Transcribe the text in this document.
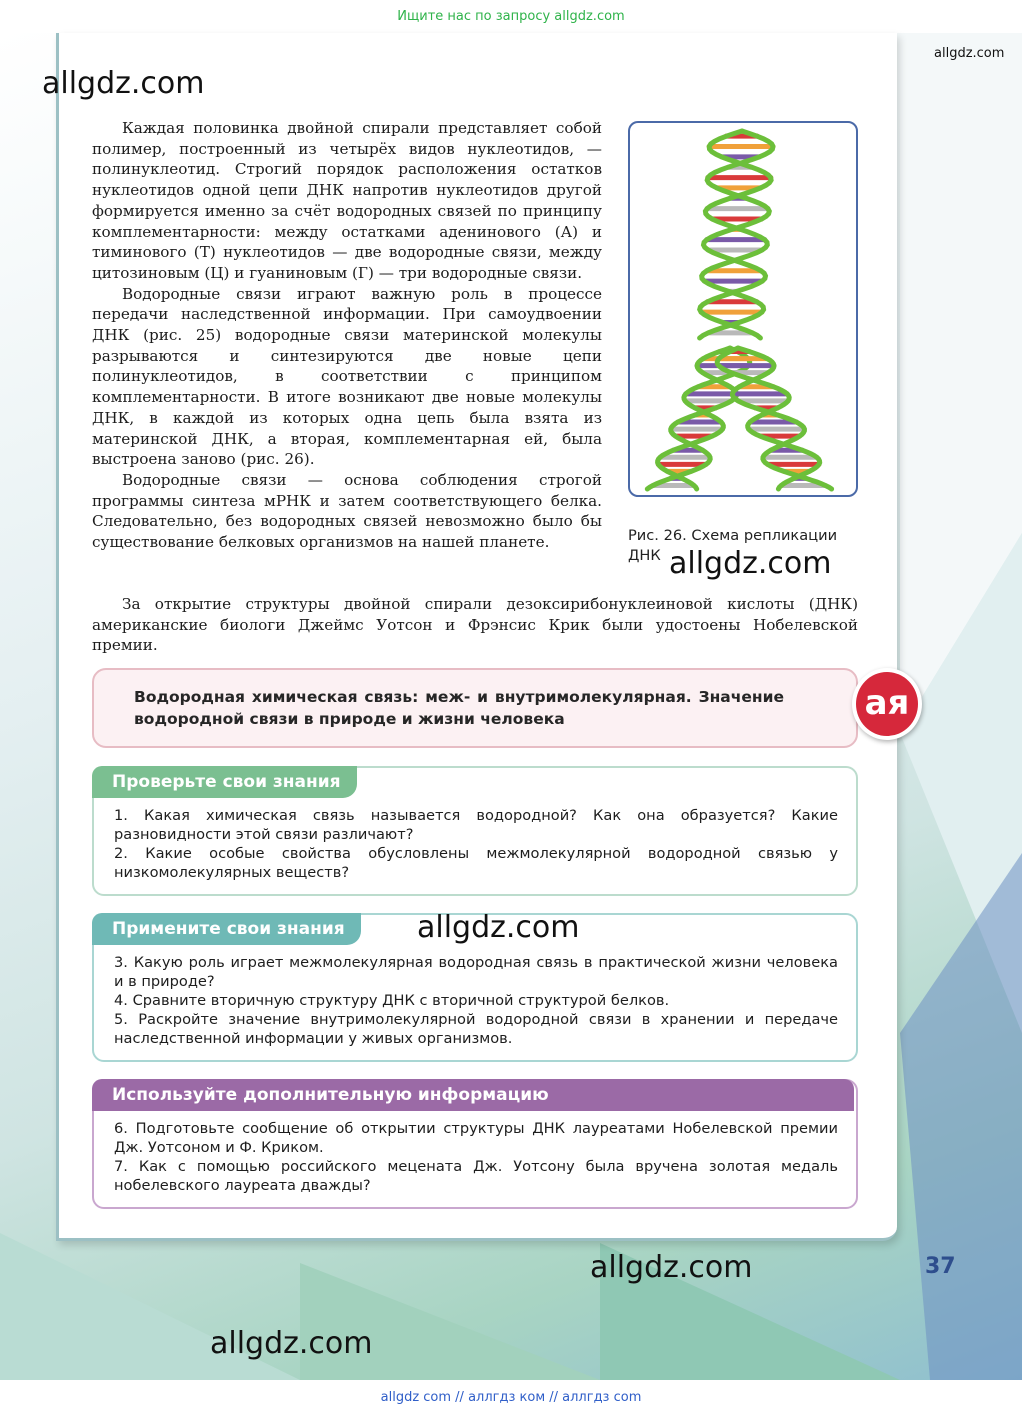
Ищите нас по запросу allgdz.com
allgdz.com
allgdz.com

Каждая половинка двойной спирали представляет собой полимер, построенный из четырёх видов нуклеотидов, — полинуклеотид. Строгий порядок расположения остатков нуклеотидов одной цепи ДНК напротив нуклеотидов другой формируется именно за счёт водородных связей по принципу комплементарности: между остатками аденинового (А) и тиминового (Т) нуклеотидов — две водородные связи, между цитозиновым (Ц) и гуаниновым (Г) — три водородные связи.

Водородные связи играют важную роль в процессе передачи наследственной информации. При самоудвоении ДНК (рис. 25) водородные связи материнской молекулы разрываются и синтезируются две новые цепи полинуклеотидов, в соответствии с принципом комплементарности. В итоге возникают две новые молекулы ДНК, в каждой из которых одна цепь была взята из материнской ДНК, а вторая, комплементарная ей, была выстроена заново (рис. 26).

Водородные связи — основа соблюдения строгой программы синтеза мРНК и затем соответствующего белка. Следовательно, без водородных связей невозможно было бы существование белковых организмов на нашей планете.	Рис. 26. Схема репликации ДНК allgdz.com

За открытие структуры двойной спирали дезоксирибонуклеиновой кислоты (ДНК) американские биологи Джеймс Уотсон и Фрэнсис Крик были удостоены Нобелевской премии.

Водородная химическая связь: меж- и внутримолекулярная. Значение водородной связи в природе и жизни человека	ая
Проверьте свои знания
1. Какая химическая связь называется водородной? Как она образуется? Какие разновидности этой связи различают?
2. Какие особые свойства обусловлены межмолекулярной водородной связью у низкомолекулярных веществ?
Примените свои знания
3. Какую роль играет межмолекулярная водородная связь в практической жизни человека и в природе?
4. Сравните вторичную структуру ДНК с вторичной структурой белков.
5. Раскройте значение внутримолекулярной водородной связи в хранении и передаче наследственной информации у живых организмов.
allgdz.com
Используйте дополнительную информацию
6. Подготовьте сообщение об открытии структуры ДНК лауреатами Нобелевской премии Дж. Уотсоном и Ф. Криком.
7. Как с помощью российского мецената Дж. Уотсону была вручена золотая медаль нобелевского лауреата дважды?
allgdz.com	37
allgdz.com
allgdz com // аллгдз ком // аллгдз com
